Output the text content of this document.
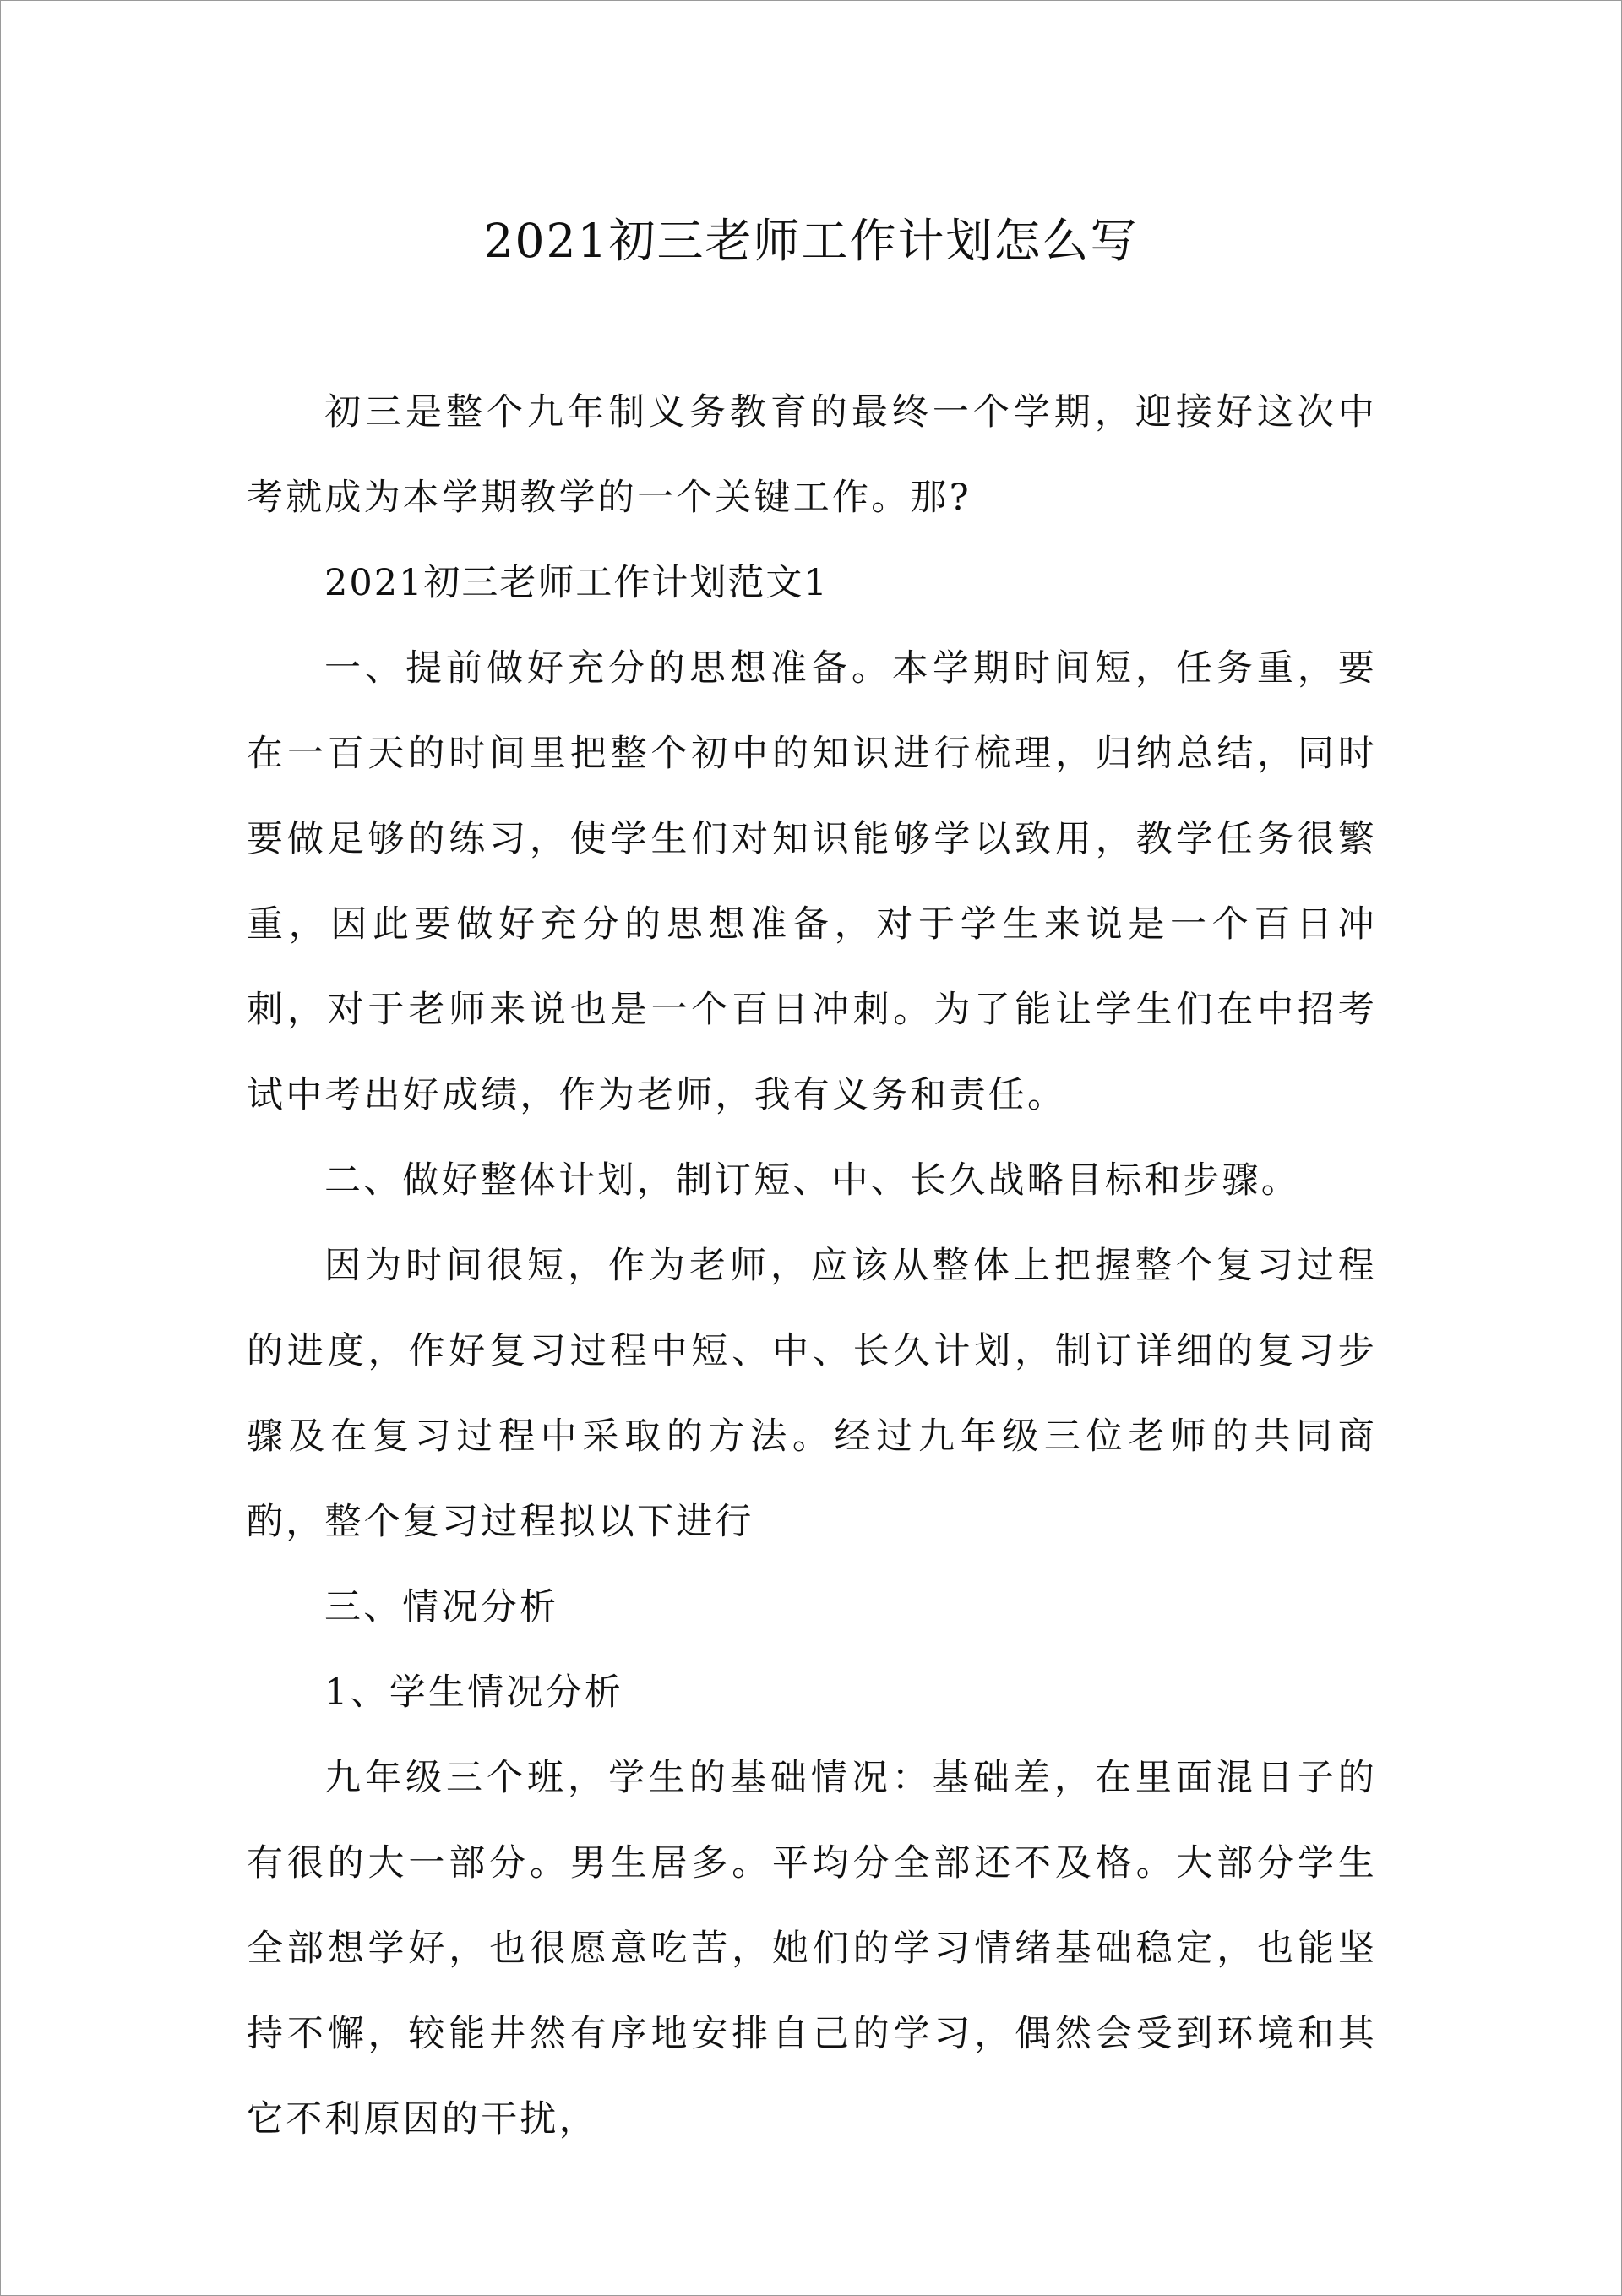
2021初三老师工作计划怎么写

初三是整个九年制义务教育的最终一个学期，迎接好这次中考就成为本学期教学的一个关键工作。那?

2021初三老师工作计划范文1

一、提前做好充分的思想准备。本学期时间短，任务重，要在一百天的时间里把整个初中的知识进行梳理，归纳总结，同时要做足够的练习，使学生们对知识能够学以致用，教学任务很繁重，因此要做好充分的思想准备，对于学生来说是一个百日冲刺，对于老师来说也是一个百日冲刺。为了能让学生们在中招考试中考出好成绩，作为老师，我有义务和责任。

二、做好整体计划，制订短、中、长久战略目标和步骤。

因为时间很短，作为老师，应该从整体上把握整个复习过程的进度，作好复习过程中短、中、长久计划，制订详细的复习步骤及在复习过程中采取的方法。经过九年级三位老师的共同商酌，整个复习过程拟以下进行

三、情况分析

1、学生情况分析

九年级三个班，学生的基础情况：基础差，在里面混日子的有很的大一部分。男生居多。平均分全部还不及格。大部分学生全部想学好，也很愿意吃苦，她们的学习情绪基础稳定，也能坚持不懈，较能井然有序地安排自己的学习，偶然会受到环境和其它不利原因的干扰，
